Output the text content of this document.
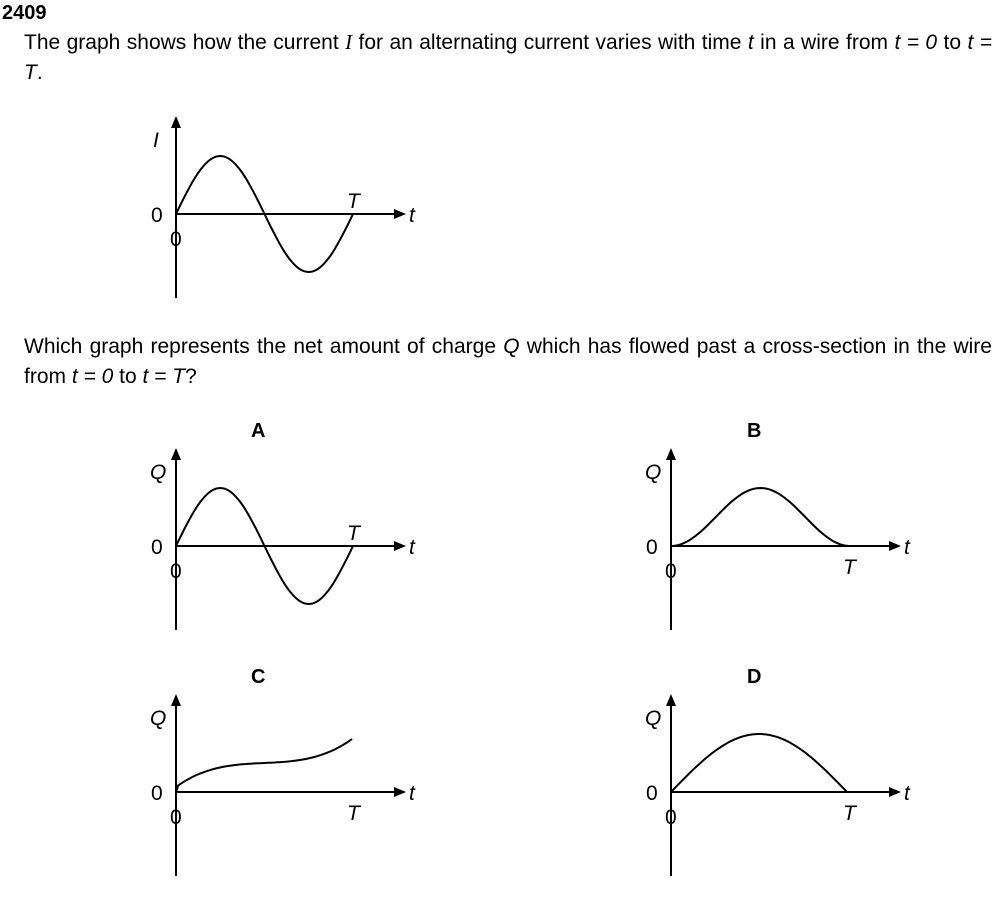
2409
The graph shows how the current I for an alternating current varies with time t in a wire from t = 0 to t = T.
I
0
0
T
t
Which graph represents the net amount of charge Q which has flowed past a cross-section in the wire from t = 0 to t = T?
A	B
C	D
Q
0
0
T
t
Q
0
0	T
t
Q
0
0	T
t
Q
0
0	T
t
